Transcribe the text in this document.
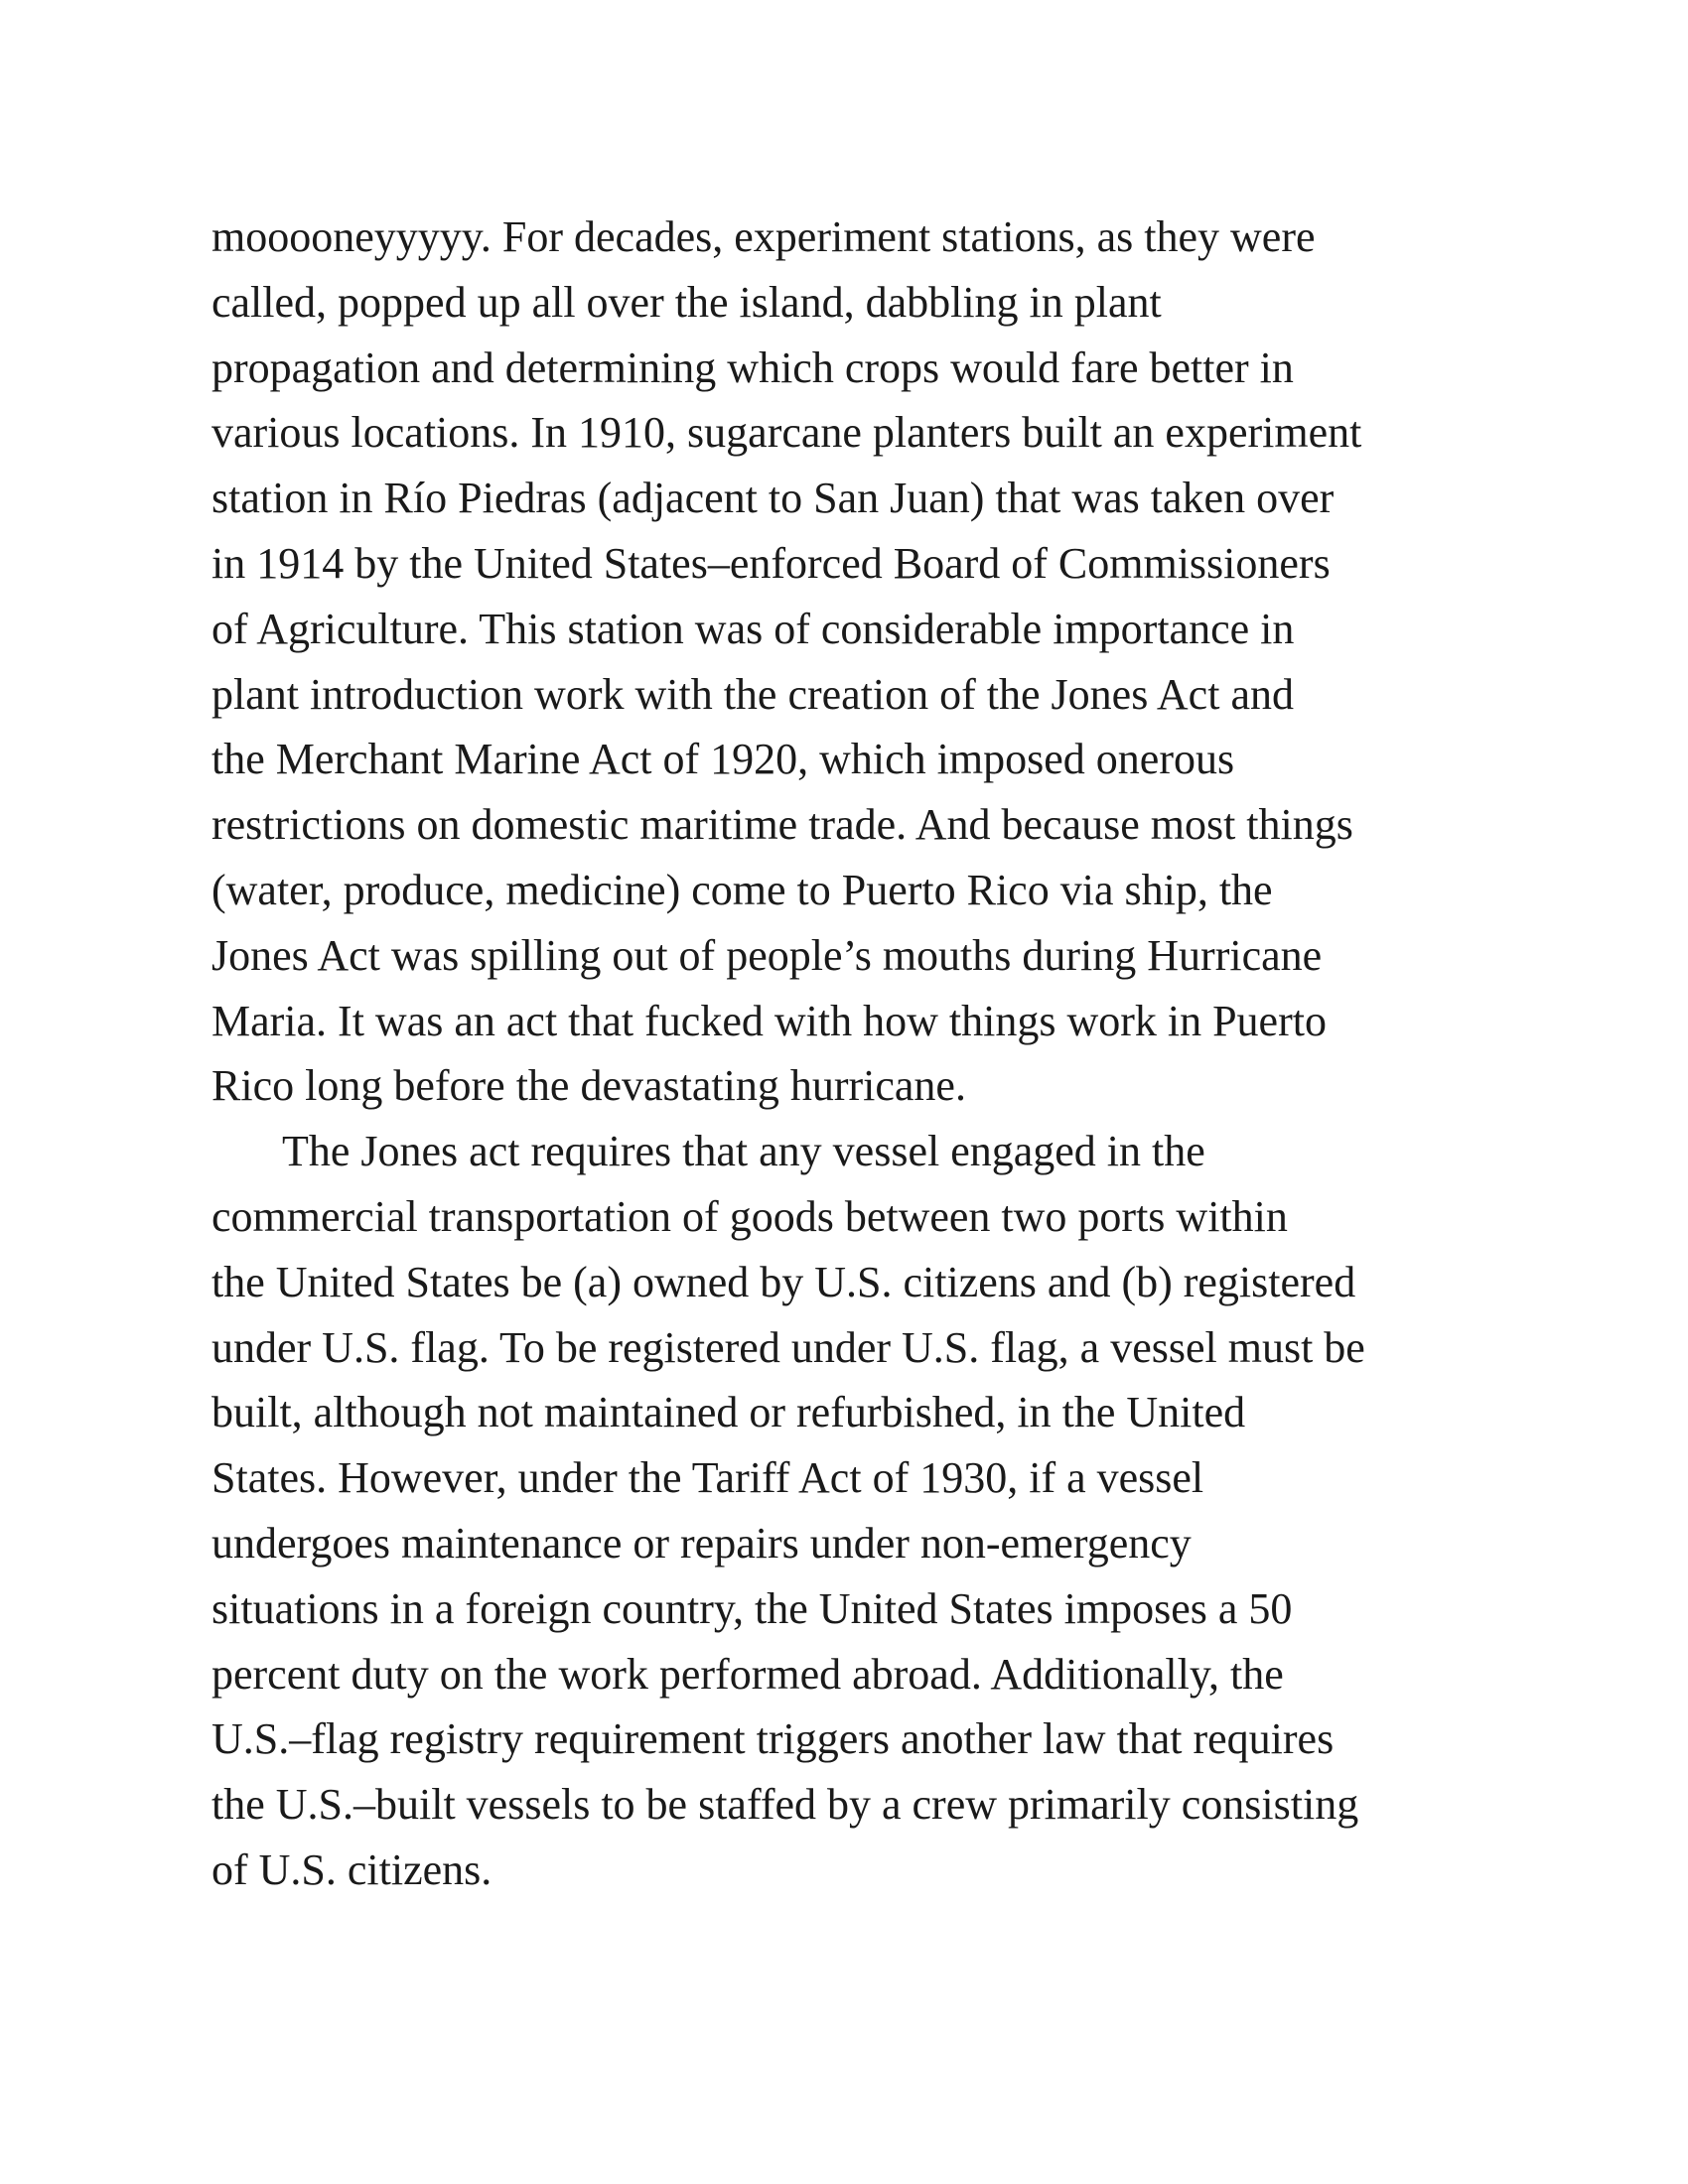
mooooneyyyyy. For decades, experiment stations, as they were
called, popped up all over the island, dabbling in plant
propagation and determining which crops would fare better in
various locations. In 1910, sugarcane planters built an experiment
station in Río Piedras (adjacent to San Juan) that was taken over
in 1914 by the United States–enforced Board of Commissioners
of Agriculture. This station was of considerable importance in
plant introduction work with the creation of the Jones Act and
the Merchant Marine Act of 1920, which imposed onerous
restrictions on domestic maritime trade. And because most things
(water, produce, medicine) come to Puerto Rico via ship, the
Jones Act was spilling out of people’s mouths during Hurricane
Maria. It was an act that fucked with how things work in Puerto
Rico long before the devastating hurricane.
The Jones act requires that any vessel engaged in the
commercial transportation of goods between two ports within
the United States be (a) owned by U.S. citizens and (b) registered
under U.S. flag. To be registered under U.S. flag, a vessel must be
built, although not maintained or refurbished, in the United
States. However, under the Tariff Act of 1930, if a vessel
undergoes maintenance or repairs under non-emergency
situations in a foreign country, the United States imposes a 50
percent duty on the work performed abroad. Additionally, the
U.S.–flag registry requirement triggers another law that requires
the U.S.–built vessels to be staffed by a crew primarily consisting
of U.S. citizens.
